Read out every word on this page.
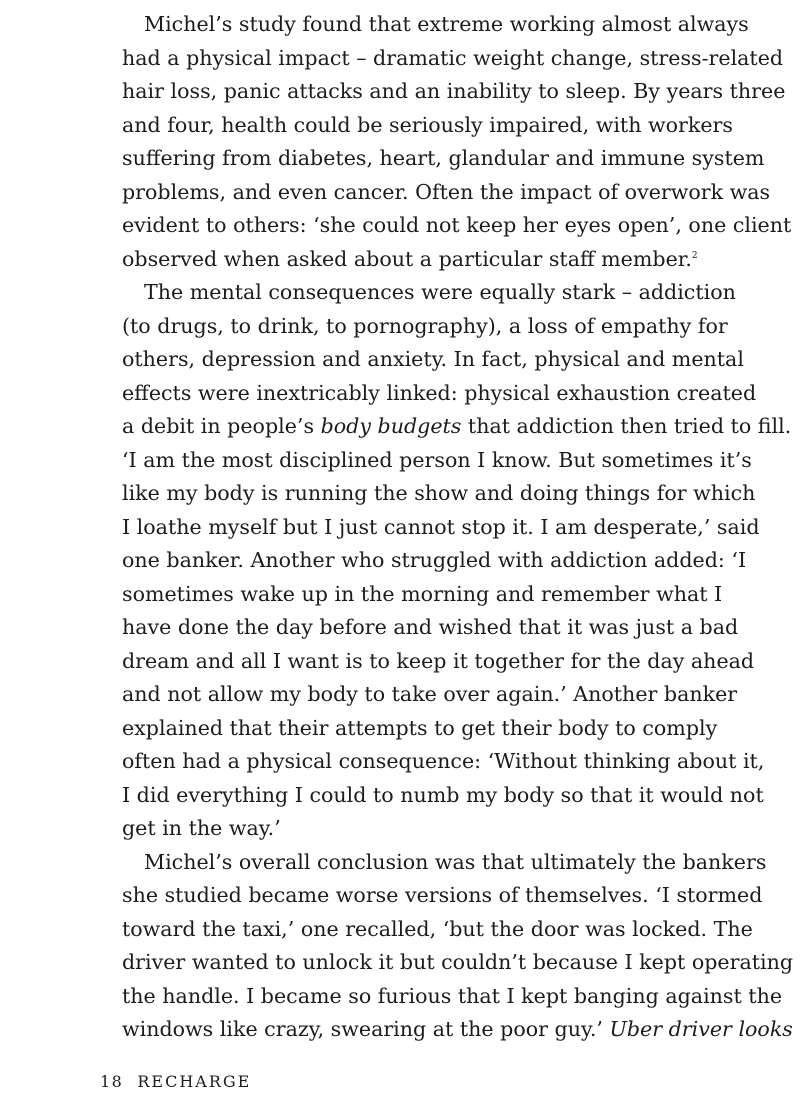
Michel’s study found that extreme working almost always
had a physical impact – dramatic weight change, stress-related
hair loss, panic attacks and an inability to sleep. By years three
and four, health could be seriously impaired, with workers
suffering from diabetes, heart, glandular and immune system
problems, and even cancer. Often the impact of overwork was
evident to others: ‘she could not keep her eyes open’, one client
observed when asked about a particular staff member.$^2$
The mental consequences were equally stark – addiction
(to drugs, to drink, to pornography), a loss of empathy for
others, depression and anxiety. In fact, physical and mental
effects were inextricably linked: physical exhaustion created
a debit in people’s body budgets that addiction then tried to fill.
‘I am the most disciplined person I know. But sometimes it’s
like my body is running the show and doing things for which
I loathe myself but I just cannot stop it. I am desperate,’ said
one banker. Another who struggled with addiction added: ‘I
sometimes wake up in the morning and remember what I
have done the day before and wished that it was just a bad
dream and all I want is to keep it together for the day ahead
and not allow my body to take over again.’ Another banker
explained that their attempts to get their body to comply
often had a physical consequence: ‘Without thinking about it,
I did everything I could to numb my body so that it would not
get in the way.’
Michel’s overall conclusion was that ultimately the bankers
she studied became worse versions of themselves. ‘I stormed
toward the taxi,’ one recalled, ‘but the door was locked. The
driver wanted to unlock it but couldn’t because I kept operating
the handle. I became so furious that I kept banging against the
windows like crazy, swearing at the poor guy.’ Uber driver looks
18 RECHARGE
